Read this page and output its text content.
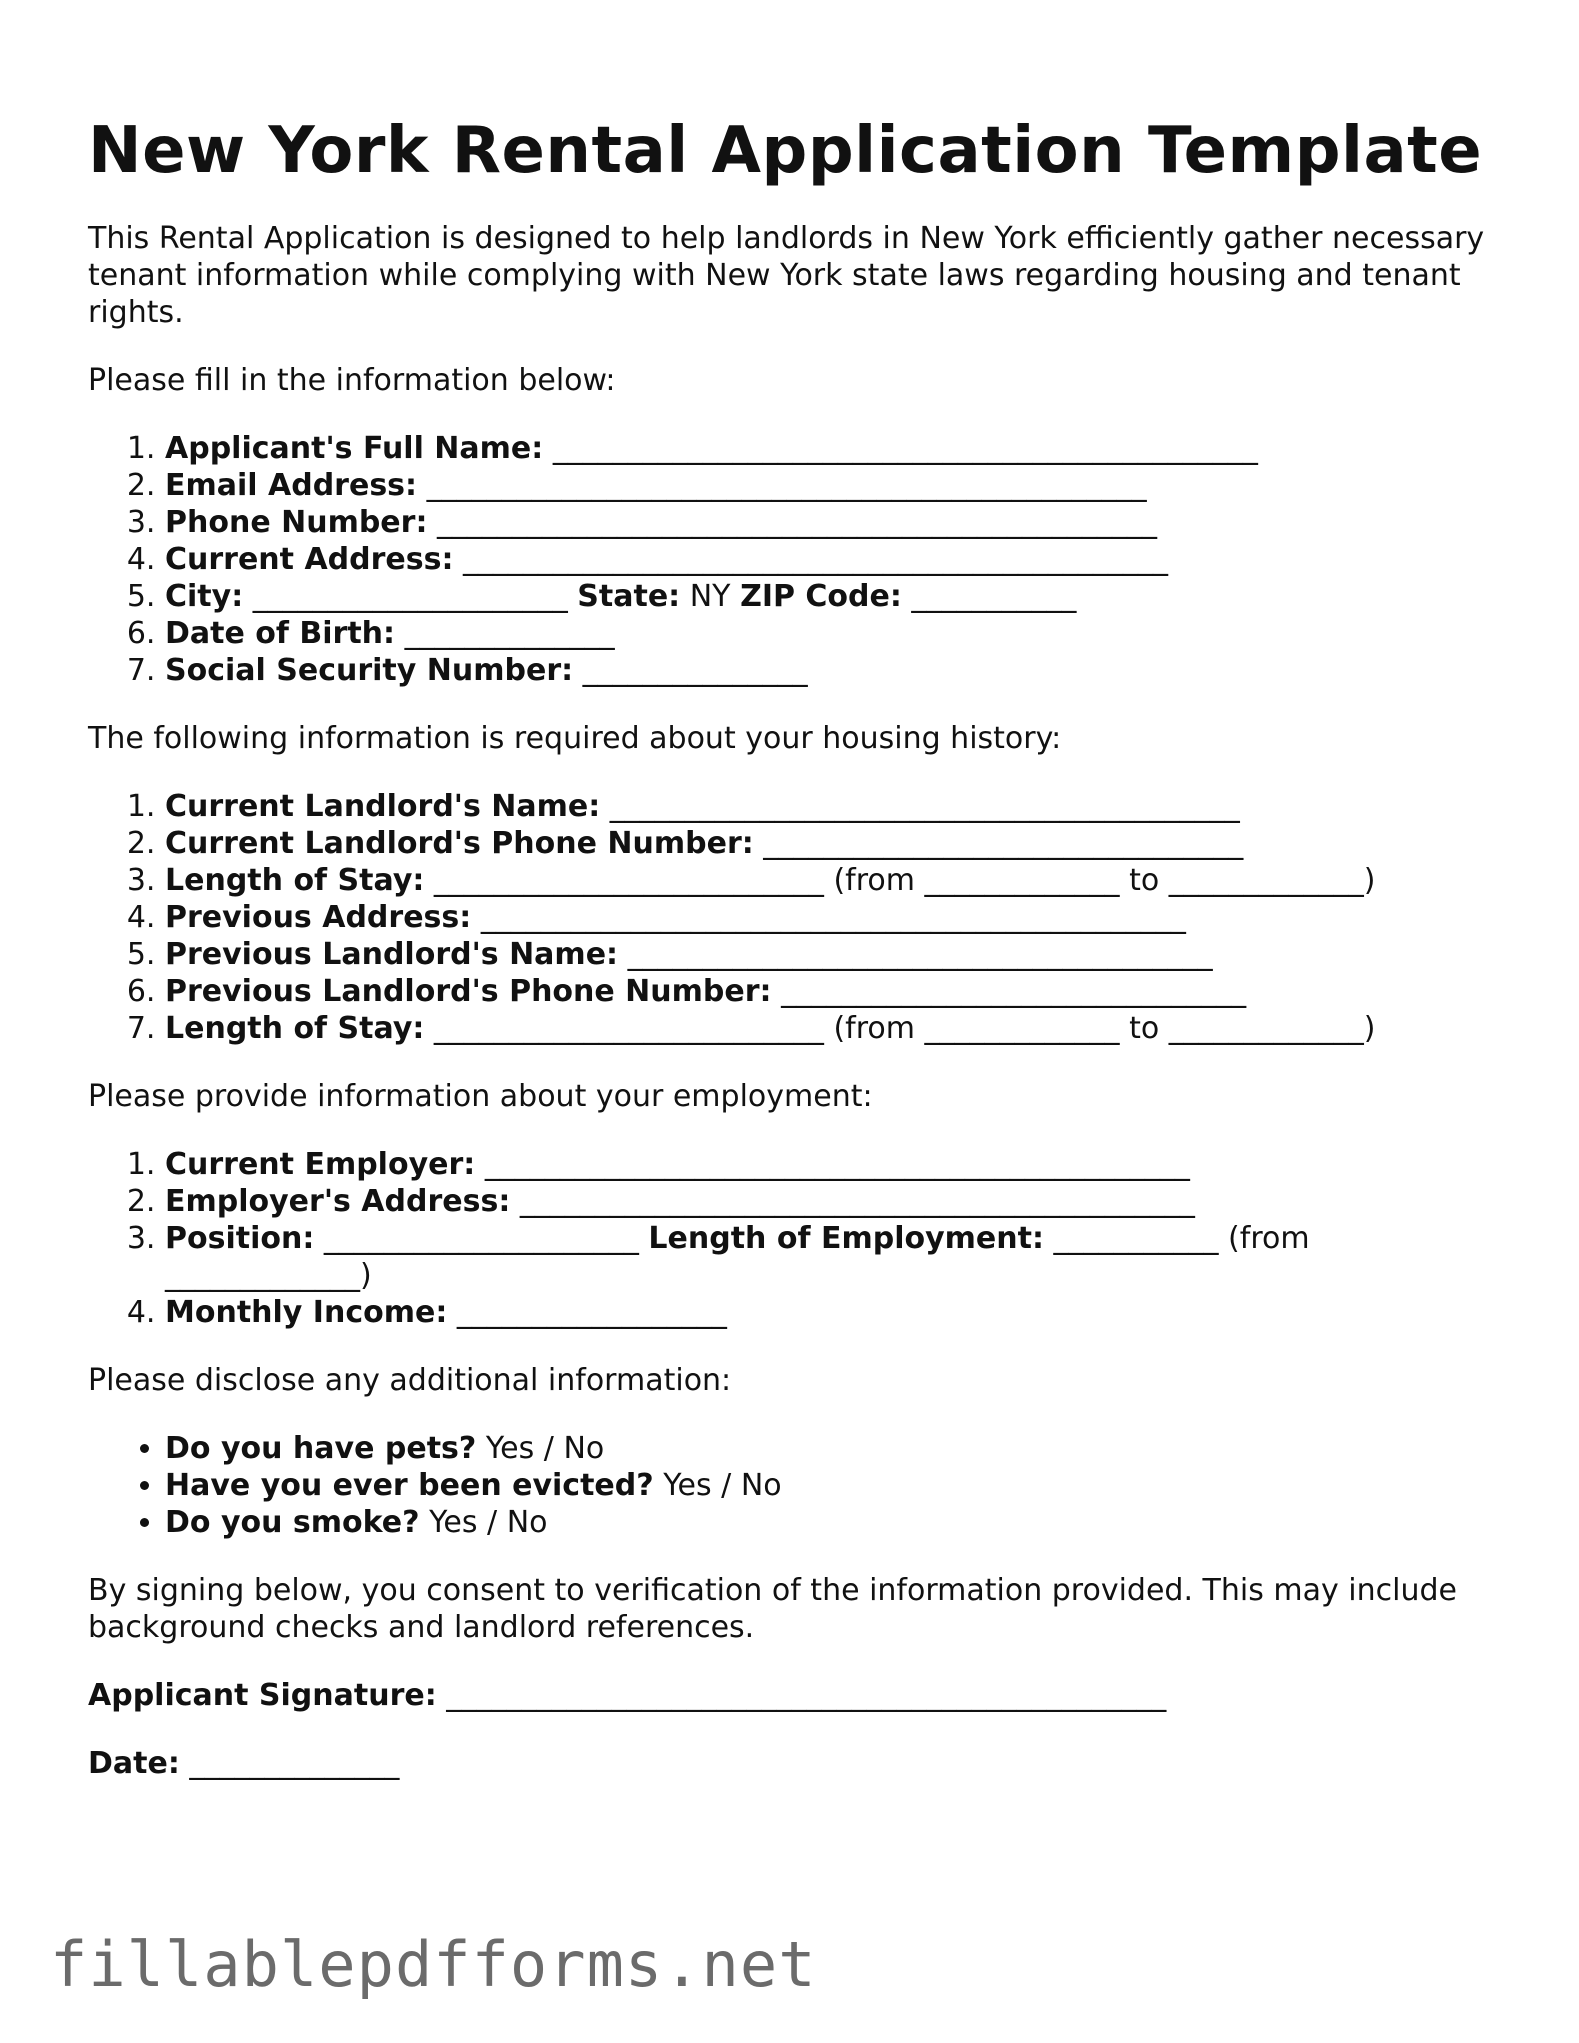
New York Rental Application Template

This Rental Application is designed to help landlords in New York efficiently gather necessary tenant information while complying with New York state laws regarding housing and tenant rights.

Please fill in the information below:

1. Applicant's Full Name: _______________________________________________
2. Email Address: ________________________________________________
3. Phone Number: ________________________________________________
4. Current Address: _______________________________________________
5. City: _____________________ State: NY ZIP Code: ___________
6. Date of Birth: ______________
7. Social Security Number: _______________

The following information is required about your housing history:

1. Current Landlord's Name: __________________________________________
2. Current Landlord's Phone Number: ________________________________
3. Length of Stay: __________________________ (from _____________ to _____________)
4. Previous Address: _______________________________________________
5. Previous Landlord's Name: _______________________________________
6. Previous Landlord's Phone Number: _______________________________
7. Length of Stay: __________________________ (from _____________ to _____________)

Please provide information about your employment:

1. Current Employer: _______________________________________________
2. Employer's Address: _____________________________________________
3. Position: _____________________ Length of Employment: ___________ (from _____________)
4. Monthly Income: __________________

Please disclose any additional information:

• Do you have pets? Yes / No
• Have you ever been evicted? Yes / No
• Do you smoke? Yes / No

By signing below, you consent to verification of the information provided. This may include background checks and landlord references.

Applicant Signature: ________________________________________________

Date: ______________

fillablepdfforms.net
